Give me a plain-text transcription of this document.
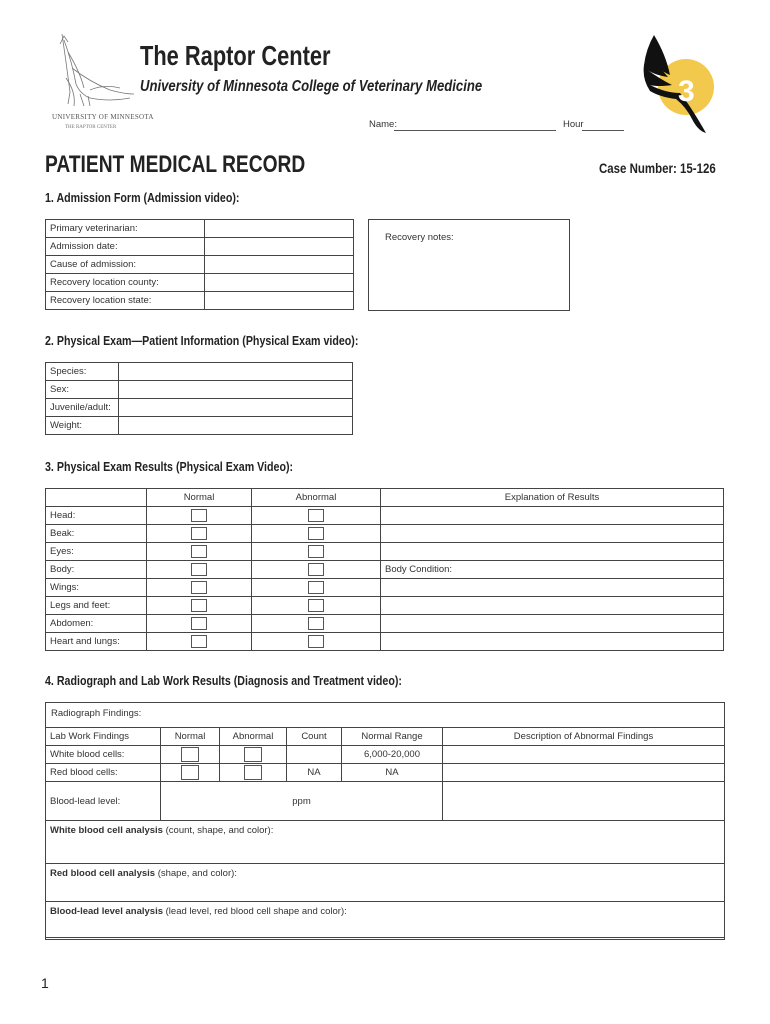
UNIVERSITY OF MINNESOTA
THE RAPTOR CENTER
The Raptor Center
University of Minnesota College of Veterinary Medicine
Name:	Hour
3
PATIENT MEDICAL RECORD	Case Number: 15-126
1. Admission Form (Admission video):
Primary veterinarian:	
Admission date:	
Cause of admission:	
Recovery location county:	
Recovery location state:	
Recovery notes:
2. Physical Exam—Patient Information (Physical Exam video):
Species:	
Sex:	
Juvenile/adult:	
Weight:	
3. Physical Exam Results (Physical Exam Video):
	Normal	Abnormal	Explanation of Results
Head:			
Beak:			
Eyes:			
Body:			Body Condition:
Wings:			
Legs and feet:			
Abdomen:			
Heart and lungs:			
4. Radiograph and Lab Work Results (Diagnosis and Treatment video):
Radiograph Findings:
Lab Work Findings	Normal	Abnormal	Count	Normal Range	Description of Abnormal Findings
White blood cells:				6,000-20,000	
Red blood cells:			NA	NA	
Blood-lead level:	ppm				
White blood cell analysis (count, shape, and color):					
Red blood cell analysis (shape, and color):					
Blood-lead level analysis (lead level, red blood cell shape and color):					
1
